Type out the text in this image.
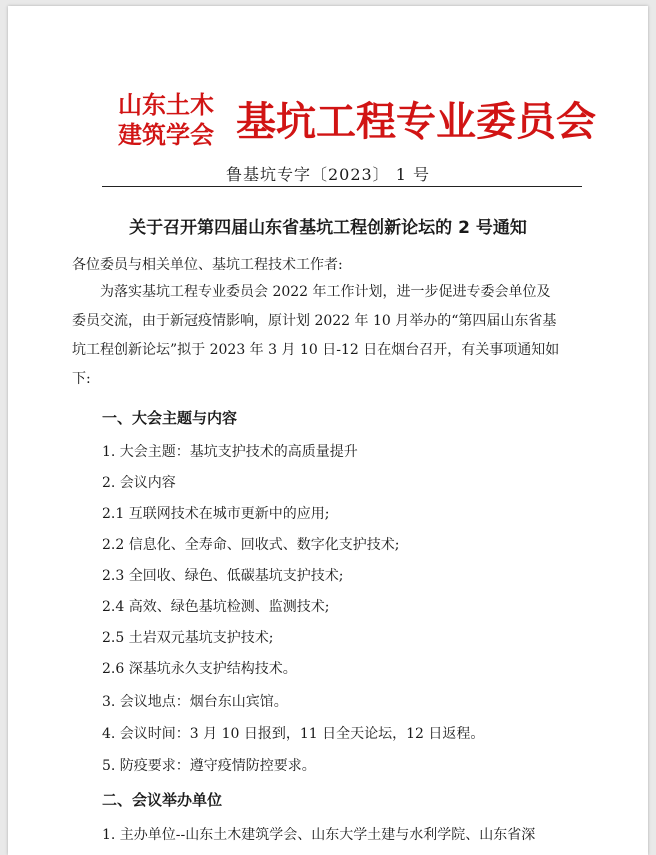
山东土木
建筑学会 基坑工程专业委员会
鲁基坑专字〔2023〕 1 号
关于召开第四届山东省基坑工程创新论坛的 2 号通知
各位委员与相关单位、基坑工程技术工作者:
为落实基坑工程专业委员会 2022 年工作计划，进一步促进专委会单位及
委员交流，由于新冠疫情影响，原计划 2022 年 10 月举办的“第四届山东省基
坑工程创新论坛”拟于 2023 年 3 月 10 日-12 日在烟台召开，有关事项通知如
下:
一、大会主题与内容
1. 大会主题：基坑支护技术的高质量提升
2. 会议内容
2.1 互联网技术在城市更新中的应用;
2.2 信息化、全寿命、回收式、数字化支护技术;
2.3 全回收、绿色、低碳基坑支护技术;
2.4 高效、绿色基坑检测、监测技术;
2.5 土岩双元基坑支护技术;
2.6 深基坑永久支护结构技术。
3. 会议地点：烟台东山宾馆。
4. 会议时间：3 月 10 日报到，11 日全天论坛，12 日返程。
5. 防疫要求：遵守疫情防控要求。
二、会议举办单位
1. 主办单位--山东土木建筑学会、山东大学土建与水利学院、山东省深
